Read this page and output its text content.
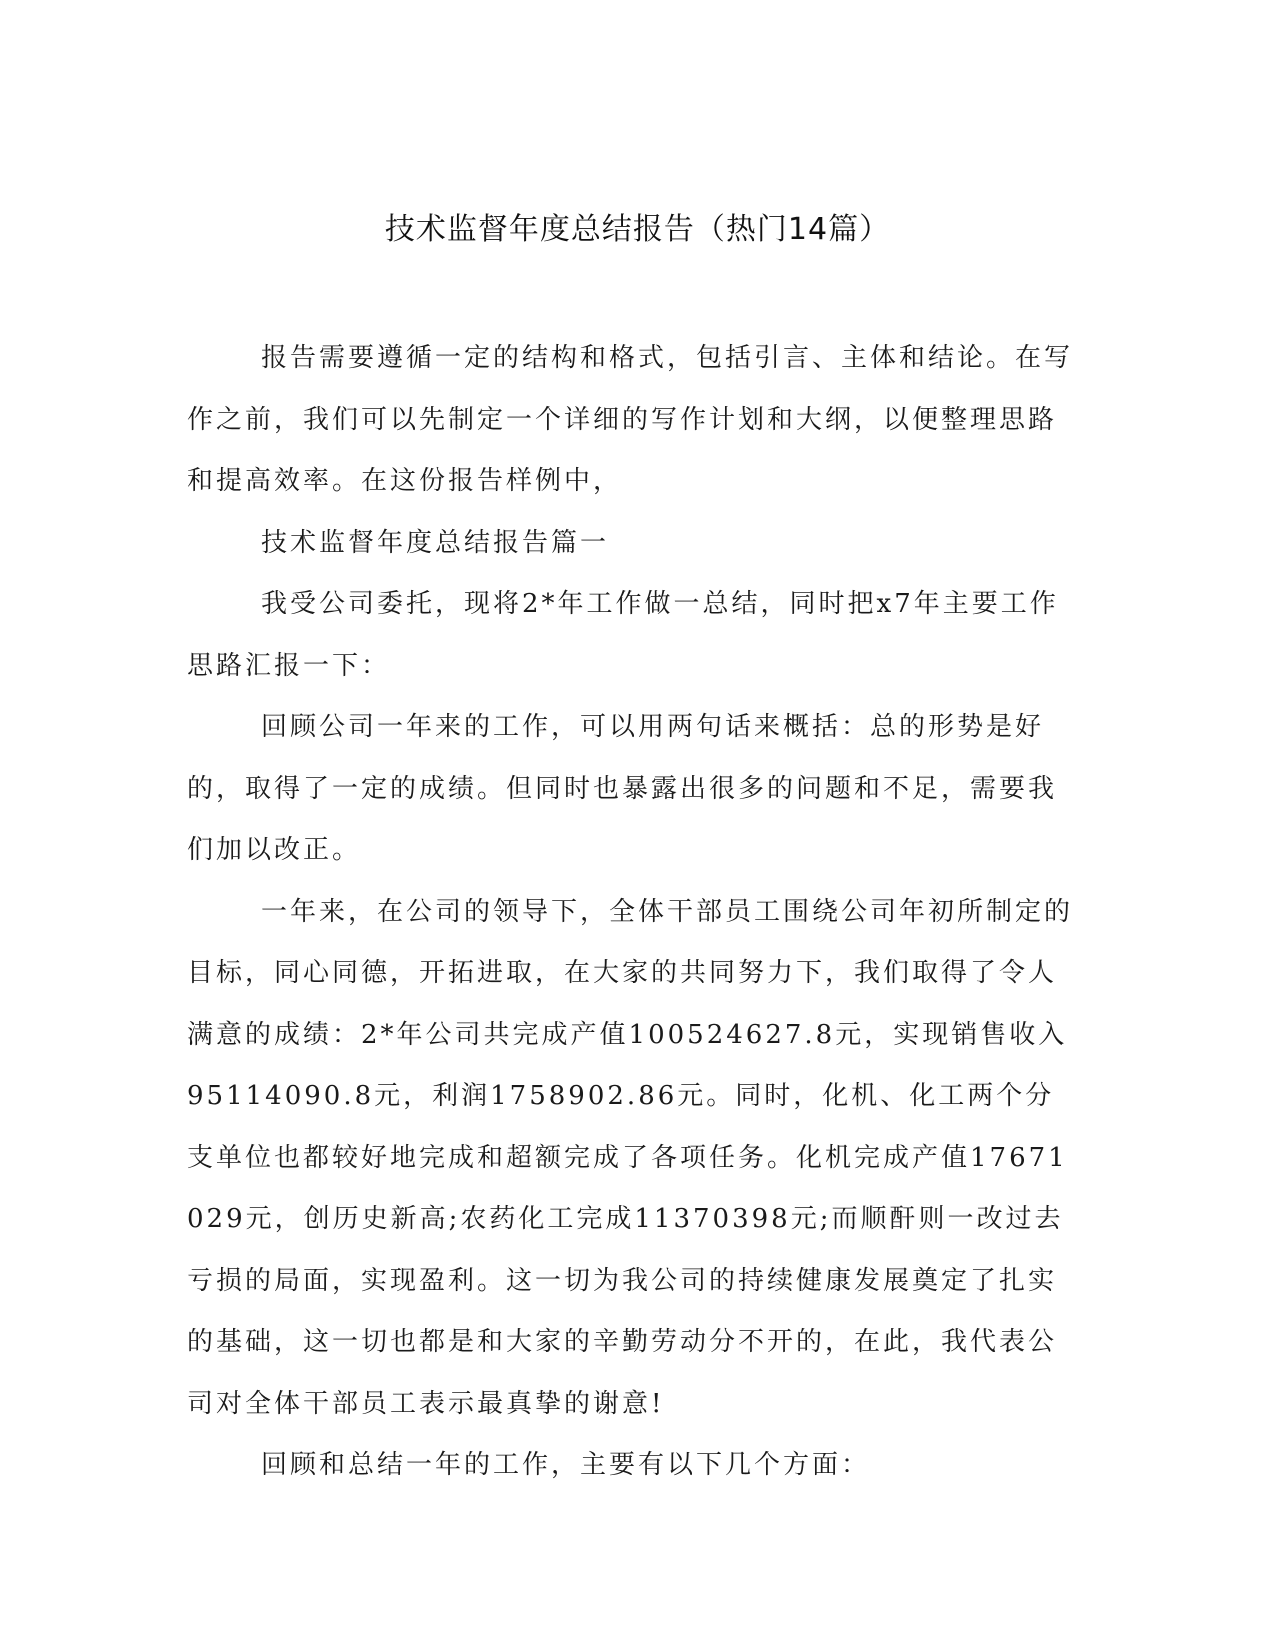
技术监督年度总结报告（热门14篇）

报告需要遵循一定的结构和格式，包括引言、主体和结论。在写作之前，我们可以先制定一个详细的写作计划和大纲，以便整理思路和提高效率。在这份报告样例中，

技术监督年度总结报告篇一

我受公司委托，现将2*年工作做一总结，同时把x7年主要工作思路汇报一下：

回顾公司一年来的工作，可以用两句话来概括：总的形势是好的，取得了一定的成绩。但同时也暴露出很多的问题和不足，需要我们加以改正。

一年来，在公司的领导下，全体干部员工围绕公司年初所制定的目标，同心同德，开拓进取，在大家的共同努力下，我们取得了令人满意的成绩：2*年公司共完成产值100524627.8元，实现销售收入95114090.8元，利润1758902.86元。同时，化机、化工两个分支单位也都较好地完成和超额完成了各项任务。化机完成产值17671029元，创历史新高;农药化工完成11370398元;而顺酐则一改过去亏损的局面，实现盈利。这一切为我公司的持续健康发展奠定了扎实的基础，这一切也都是和大家的辛勤劳动分不开的，在此，我代表公司对全体干部员工表示最真挚的谢意!

回顾和总结一年的工作，主要有以下几个方面：
